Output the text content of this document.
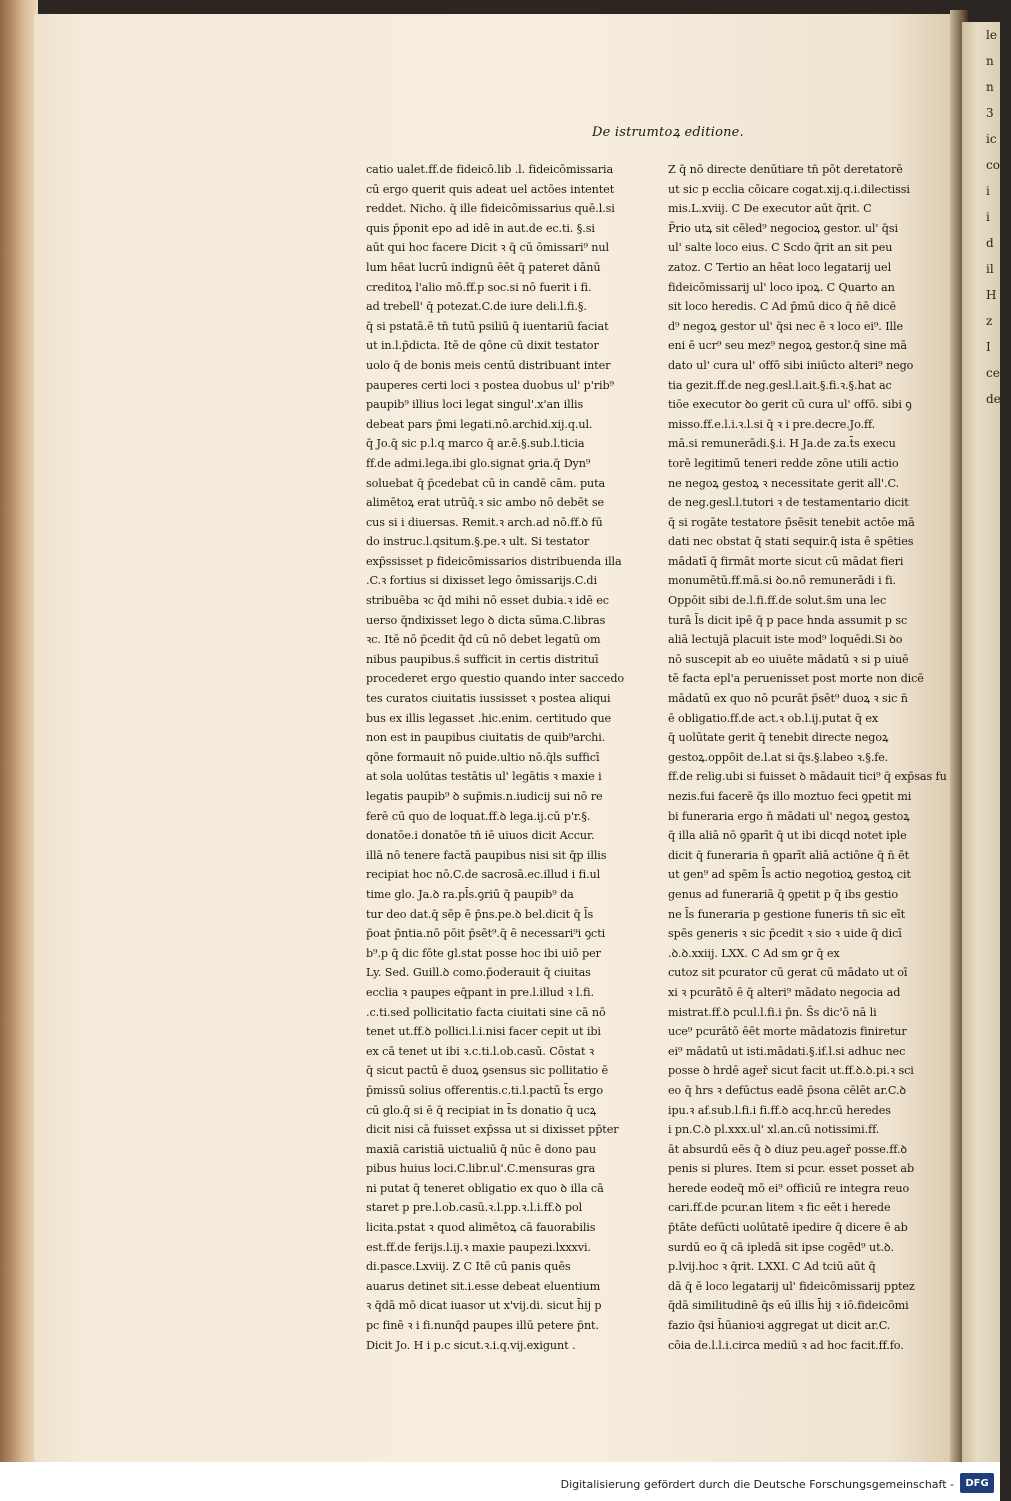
le
n
n
3
ic
cogi
i
i
d
il
H
z
I
ce
de
De istrumtoꝝ editione.
catio ualet.ff.de fideicō.lib .l. fideicōmissaria
cū ergo querit quis adeat uel actōes intentet
reddet. Nicho. q̄ ille fideicōmissarius quē.l.si
quis p̄ponit epo ad idē in aut.de ec.ti. §.si
aūt qui hoc facere Dicit ꝛ q̄ cū ōmissari⁹ nul
lum hēat lucrū indignū ēēt q̄ pateret dānū
creditoꝝ l'alio mō.ff.p soc.si nō fuerit i fi.
ad trebell' q̄ potezat.C.de iure deli.l.fi.§.
q̄ si pstatā.ē tn̄ tutū psiliū q̄ iuentariū faciat
ut in.l.p̄dicta. Itē de qōne cū dixit testator
uolo q̄ de bonis meis centū distribuant inter
pauperes certi loci ꝛ postea duobus ul' p'rib⁹
paupib⁹ illius loci legat singul'.x'an illis
debeat pars p̄mi legati.nō.archid.xij.q.ul.
q̄ Jo.q̄ sic p.l.q marco q̄ ar.ē.§.sub.l.ticia
ff.de admi.lega.ibi glo.signat ꝯria.q̄ Dyn⁹
soluebat q̄ p̄cedebat cū in candē cām. puta
alimētoꝝ erat utrūq̄.ꝛ sic ambo nō debēt se
cus si i diuersas. Remit.ꝛ arch.ad nō.ff.ꝺ fū
do instruc.l.qsitum.§.pe.ꝛ ult. Si testator
exp̄ssisset p fideicōmissarios distribuenda illa
.C.ꝛ fortius si dixisset lego ōmissarijs.C.di
stribuēba ꝛc q̄d mihi nō esset dubia.ꝛ idē ec
uerso q̄ndixisset lego ꝺ dicta sūma.C.libras
ꝛc. Itē nō p̄cedit q̄d cū nō debet legatū om
nibus paupibus.s̄ sufficit in certis distrituī
procederet ergo questio quando inter saccedo
tes curatos ciuitatis iussisset ꝛ postea aliqui
bus ex illis legasset .hic.enim. certitudo que
non est in paupibus ciuitatis de quib⁹archi.
qōne formauit nō puide.ultio nō.q̄ls sufficī
at sola uolūtas testātis ul' legātis ꝛ maxie i
legatis paupib⁹ ꝺ sup̄mis.n.iudicij sui nō re
ferē cū quo de loquat.ff.ꝺ lega.ij.cū p'r.§.
donatōe.i donatōe tn̄ iē uiuos dicit Accur.
illā nō tenere factā paupibus nisi sit q̄p illis
recipiat hoc nō.C.de sacrosā.ec.illud i fi.ul
time glo. Ja.ꝺ ra.pl̄s.ꝯriū q̄ paupib⁹ da
tur deo dat.q̄ sēp ē p̄ns.pe.ꝺ bel.dicit q̄ l̄s
p̄oat p̄ntia.nō pōit p̄sēt⁹.q̄ ē necessari⁹i ꝯcti
b⁹.p q̄ dic fōte gl.stat posse hoc ibi uiō per
Ly. Sed. Guill.ꝺ como.p̄oderauit q̄ ciuitas
ecclia ꝛ paupes eq̄pant in pre.l.illud ꝛ l.fi.
.c.ti.sed pollicitatio facta ciuitati sine cā nō
tenet ut.ff.ꝺ pollici.l.i.nisi facer cepit ut ibi
ex cā tenet ut ibi ꝛ.c.ti.l.ob.casū. Cōstat ꝛ
q̄ sicut pactū ē duoꝝ ꝯsensus sic pollitatio ē
p̄missū solius offerentis.c.ti.l.pactū t̄s ergo
cū glo.q̄ si ē q̄ recipiat in t̄s donatio q̄ ucꝝ
dicit nisi cā fuisset exp̄ssa ut si dixisset pp̄ter
maxiā caristiā uictualiū q̄ nūc ē dono pau
pibus huius loci.C.libr.ul'.C.mensuras gra
ni putat q̄ teneret obligatio ex quo ꝺ illa cā
staret p pre.l.ob.casū.ꝛ.l.pp.ꝛ.l.i.ff.ꝺ pol
licita.pstat ꝛ quod alimētoꝝ cā fauorabilis
est.ff.de ferijs.l.ij.ꝛ maxie paupezi.lxxxvi.
di.pasce.Lxviij. Z C Itē cū panis quēs
auarus detinet sit.i.esse debeat eluentium
ꝛ q̄dā mō dicat iuasor ut x'vij.di. sicut h̄ij p
pc finē ꝛ i fi.nunq̄d paupes illū petere p̄nt.
Dicit Jo. H i p.c sicut.ꝛ.i.q.vij.exigunt .
Z q̄ nō directe denūtiare tn̄ pōt deretatorē
ut sic p ecclia cōicare cogat.xij.q.i.dilectissi
mis.L.xviij. C De executor aūt q̄rit. C
P̄rio utꝝ sit cēled⁹ negocioꝝ gestor. ul' q̄si
ul' salte loco eius. C Scdo q̄rit an sit peu
zatoz. C Tertio an hēat loco legatarij uel
fideicōmissarij ul' loco ipoꝝ. C Quarto an
sit loco heredis. C Ad p̄mū dico q̄ n̄ē dicē
d⁹ negoꝝ gestor ul' q̄si nec ē ꝛ loco ei⁹. Ille
eni ē ucr⁹ seu mez⁹ negoꝝ gestor.q̄ sine mā
dato ul' cura ul' offō sibi iniūcto alteri⁹ nego
tia gezit.ff.de neg.gesl.l.ait.§.fi.ꝛ.§.hat ac
tiōe executor ꝺo gerit cū cura ul' offō. sibi ꝯ
misso.ff.e.l.i.ꝛ.l.si q̄ ꝛ i pre.decre.Jo.ff.
mā.si remunerādi.§.i. H Ja.de za.t̄s execu
torē legitimū teneri redde zōne utili actio
ne negoꝝ gestoꝝ ꝛ necessitate gerit all'.C.
de neg.gesl.l.tutori ꝛ de testamentario dicit
q̄ si rogāte testatore p̄sēsit tenebit actōe mā
dati nec obstat q̄ stati sequir.q̄ ista ē spēties
mādatī q̄ firmāt morte sicut cū mādat fieri
monumētū.ff.mā.si ꝺo.nō remunerādi i fi.
Oppōit sibi de.l.fi.ff.de solut.s̄m una lec
turā l̄s dicit ipē q̄ p pace hnda assumit p sc
aliā lectujā placuit iste mod⁹ loquēdi.Si ꝺo
nō suscepit ab eo uiuēte mādatū ꝛ si p uiuē
tē facta epl'a peruenisset post morte non dicē
mādatū ex quo nō pcurāt p̄sēt⁹ duoꝝ ꝛ sic n̄
ē obligatio.ff.de act.ꝛ ob.l.ij.putat q̄ ex
q̄ uolūtate gerit q̄ tenebit directe negoꝝ
gestoꝝ.oppōit de.l.at si q̄s.§.labeo ꝛ.§.fe.
ff.de relig.ubi si fuisset ꝺ mādauit tici⁹ q̄ exp̄sas fu
nezis.fui facerē q̄s illo moztuo feci ꝯpetit mi
bi funeraria ergo n̄ mādati ul' negoꝝ gestoꝝ
q̄ illa aliā nō ꝯparīt q̄ ut ibi dicqd notet iple
dicit q̄ funeraria n̄ ꝯparīt aliā actiōne q̄ n̄ ēt
ut gen⁹ ad spēm l̄s actio negotioꝝ gestoꝝ cit
genus ad funerariā q̄ ꝯpetit p q̄ ibs gestio
ne l̄s funeraria p gestione funeris tn̄ sic eīt
spēs generis ꝛ sic p̄cedit ꝛ sio ꝛ uide q̄ dicī
.ꝺ.ꝺ.xxiij. LXX. C Ad sm ꝯr q̄ ex
cutoz sit pcurator cū gerat cū mādato ut oī
xi ꝛ pcurātō ē q̄ alteri⁹ mādato negocia ad
mistrat.ff.ꝺ pcul.l.fi.i p̄n. S̄s dic'ō nā li
uce⁹ pcurātō ēēt morte mādatozis finiretur
ei⁹ mādatū ut isti.mādati.§.if.l.si adhuc nec
posse ꝺ hrdē ageř sicut facit ut.ff.ꝺ.ꝺ.pi.ꝛ sci
eo q̄ hrs ꝛ defūctus eadē p̄sona cēlēt ar.C.ꝺ
ipu.ꝛ af.sub.l.fi.i fi.ff.ꝺ acq.hr.cū heredes
i pn.C.ꝺ pl.xxx.ul' xl.an.cū notissimi.ff.
āt absurdū eēs q̄ ꝺ diuz peu.ageř posse.ff.ꝺ
penis si plures. Item si pcur. esset posset ab
herede eodeq̄ mō ei⁹ officiū re integra reuo
cari.ff.de pcur.an litem ꝛ fic eēt i herede
p̄tāte defūcti uolūtatē ipedire q̄ dicere ē ab
surdū eo q̄ cā ipledā sit ipse cogēd⁹ ut.ꝺ.
p.lvij.hoc ꝛ q̄rit. LXXI. C Ad tciū aūt q̄
dā q̄ ē loco legatarij ul' fideicōmissarij pptez
q̄dā similitudinē q̄s eū illis h̄ij ꝛ iō.fideicōmi
fazio q̄si h̄ūanioꝛi aggregat ut dicit ar.C.
cōia de.l.l.i.circa mediū ꝛ ad hoc facit.ff.fo.
Digitalisierung gefördert durch die Deutsche Forschungsgemeinschaft -	DFG
